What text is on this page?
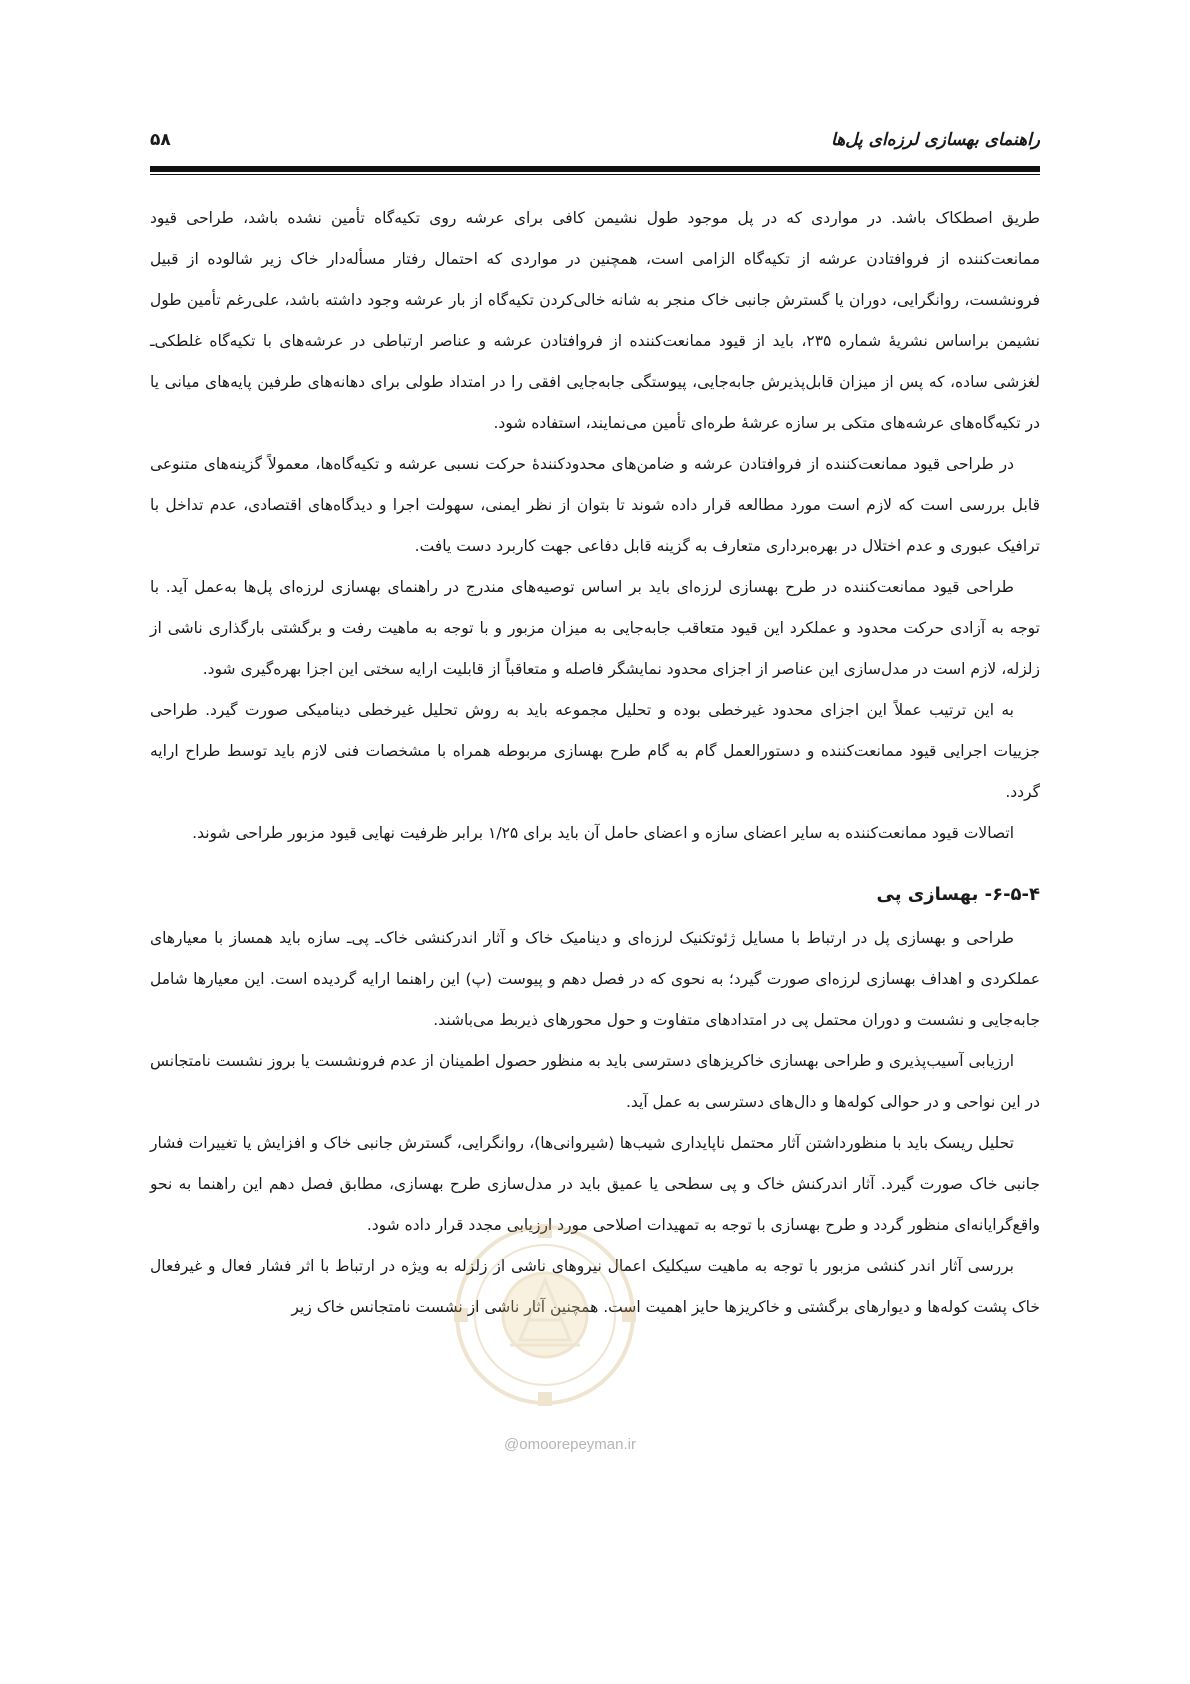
راهنمای بهسازی لرزه‌ای پل‌ها
۵۸

طریق اصطکاک باشد. در مواردی که در پل موجود طول نشیمن کافی برای عرشه روی تکیه‌گاه تأمین نشده باشد، طراحی قیود ممانعت‌کننده از فروافتادن عرشه از تکیه‌گاه الزامی است، همچنین در مواردی که احتمال رفتار مسأله‌دار خاک زیر شالوده از قبیل فرونشست، روانگرایی، دوران یا گسترش جانبی خاک منجر به شانه خالی‌کردن تکیه‌گاه از بار عرشه وجود داشته باشد، علی‌رغم تأمین طول نشیمن براساس نشریهٔ شماره ۲۳۵، باید از قیود ممانعت‌کننده از فروافتادن عرشه و عناصر ارتباطی در عرشه‌های با تکیه‌گاه غلطکی‌ـ لغزشی ساده، که پس از میزان قابل‌پذیرش جابه‌جایی، پیوستگی جابه‌جایی افقی را در امتداد طولی برای دهانه‌های طرفین پایه‌های میانی یا در تکیه‌گاه‌های عرشه‌های متکی بر سازه عرشهٔ طره‌ای تأمین می‌نمایند، استفاده شود.

در طراحی قیود ممانعت‌کننده از فروافتادن عرشه و ضامن‌های محدودکنندهٔ حرکت نسبی عرشه و تکیه‌گاه‌ها، معمولاً گزینه‌های متنوعی قابل بررسی است که لازم است مورد مطالعه قرار داده شوند تا بتوان از نظر ایمنی، سهولت اجرا و دیدگاه‌های اقتصادی، عدم تداخل با ترافیک عبوری و عدم اختلال در بهره‌برداری متعارف به گزینه قابل دفاعی جهت کاربرد دست یافت.

طراحی قیود ممانعت‌کننده در طرح بهسازی لرزه‌ای باید بر اساس توصیه‌های مندرج در راهنمای بهسازی لرزه‌ای پل‌ها به‌عمل آید. با توجه به آزادی حرکت محدود و عملکرد این قیود متعاقب جابه‌جایی به میزان مزبور و با توجه به ماهیت رفت و برگشتی بارگذاری ناشی از زلزله، لازم است در مدل‌سازی این عناصر از اجزای محدود نمایشگر فاصله و متعاقباً از قابلیت ارایه سختی این اجزا بهره‌گیری شود.

به این ترتیب عملاً این اجزای محدود غیرخطی بوده و تحلیل مجموعه باید به روش تحلیل غیرخطی دینامیکی صورت گیرد. طراحی جزییات اجرایی قیود ممانعت‌کننده و دستورالعمل گام به گام طرح بهسازی مربوطه همراه با مشخصات فنی لازم باید توسط طراح ارایه گردد.

اتصالات قیود ممانعت‌کننده به سایر اعضای سازه و اعضای حامل آن باید برای ۱/۲۵ برابر ظرفیت نهایی قیود مزبور طراحی شوند.

۶-۵-۴- بهسازی پی

طراحی و بهسازی پل در ارتباط با مسایل ژئوتکنیک لرزه‌ای و دینامیک خاک و آثار اندرکنشی خاک‌ـ پی‌ـ سازه باید همساز با معیارهای عملکردی و اهداف بهسازی لرزه‌ای صورت گیرد؛ به نحوی که در فصل دهم و پیوست (پ) این راهنما ارایه گردیده است. این معیارها شامل جابه‌جایی و نشست و دوران محتمل پی در امتدادهای متفاوت و حول محورهای ذیربط می‌باشند.

ارزیابی آسیب‌پذیری و طراحی بهسازی خاکریزهای دسترسی باید به منظور حصول اطمینان از عدم فرونشست یا بروز نشست نامتجانس در این نواحی و در حوالی کوله‌ها و دال‌های دسترسی به عمل آید.

تحلیل ریسک باید با منظورداشتن آثار محتمل ناپایداری شیب‌ها (شیروانی‌ها)، روانگرایی، گسترش جانبی خاک و افزایش یا تغییرات فشار جانبی خاک صورت گیرد. آثار اندرکنش خاک و پی سطحی یا عمیق باید در مدل‌سازی طرح بهسازی، مطابق فصل دهم این راهنما به نحو واقع‌گرایانه‌ای منظور گردد و طرح بهسازی با توجه به تمهیدات اصلاحی مورد ارزیابی مجدد قرار داده شود.

بررسی آثار اندر کنشی مزبور با توجه به ماهیت سیکلیک اعمال نیروهای ناشی از زلزله به ویژه در ارتباط با اثر فشار فعال و غیرفعال خاک پشت کوله‌ها و دیوارهای برگشتی و خاکریزها حایز اهمیت است. همچنین آثار ناشی از نشست نامتجانس خاک زیر

@omoorepeyman.ir
